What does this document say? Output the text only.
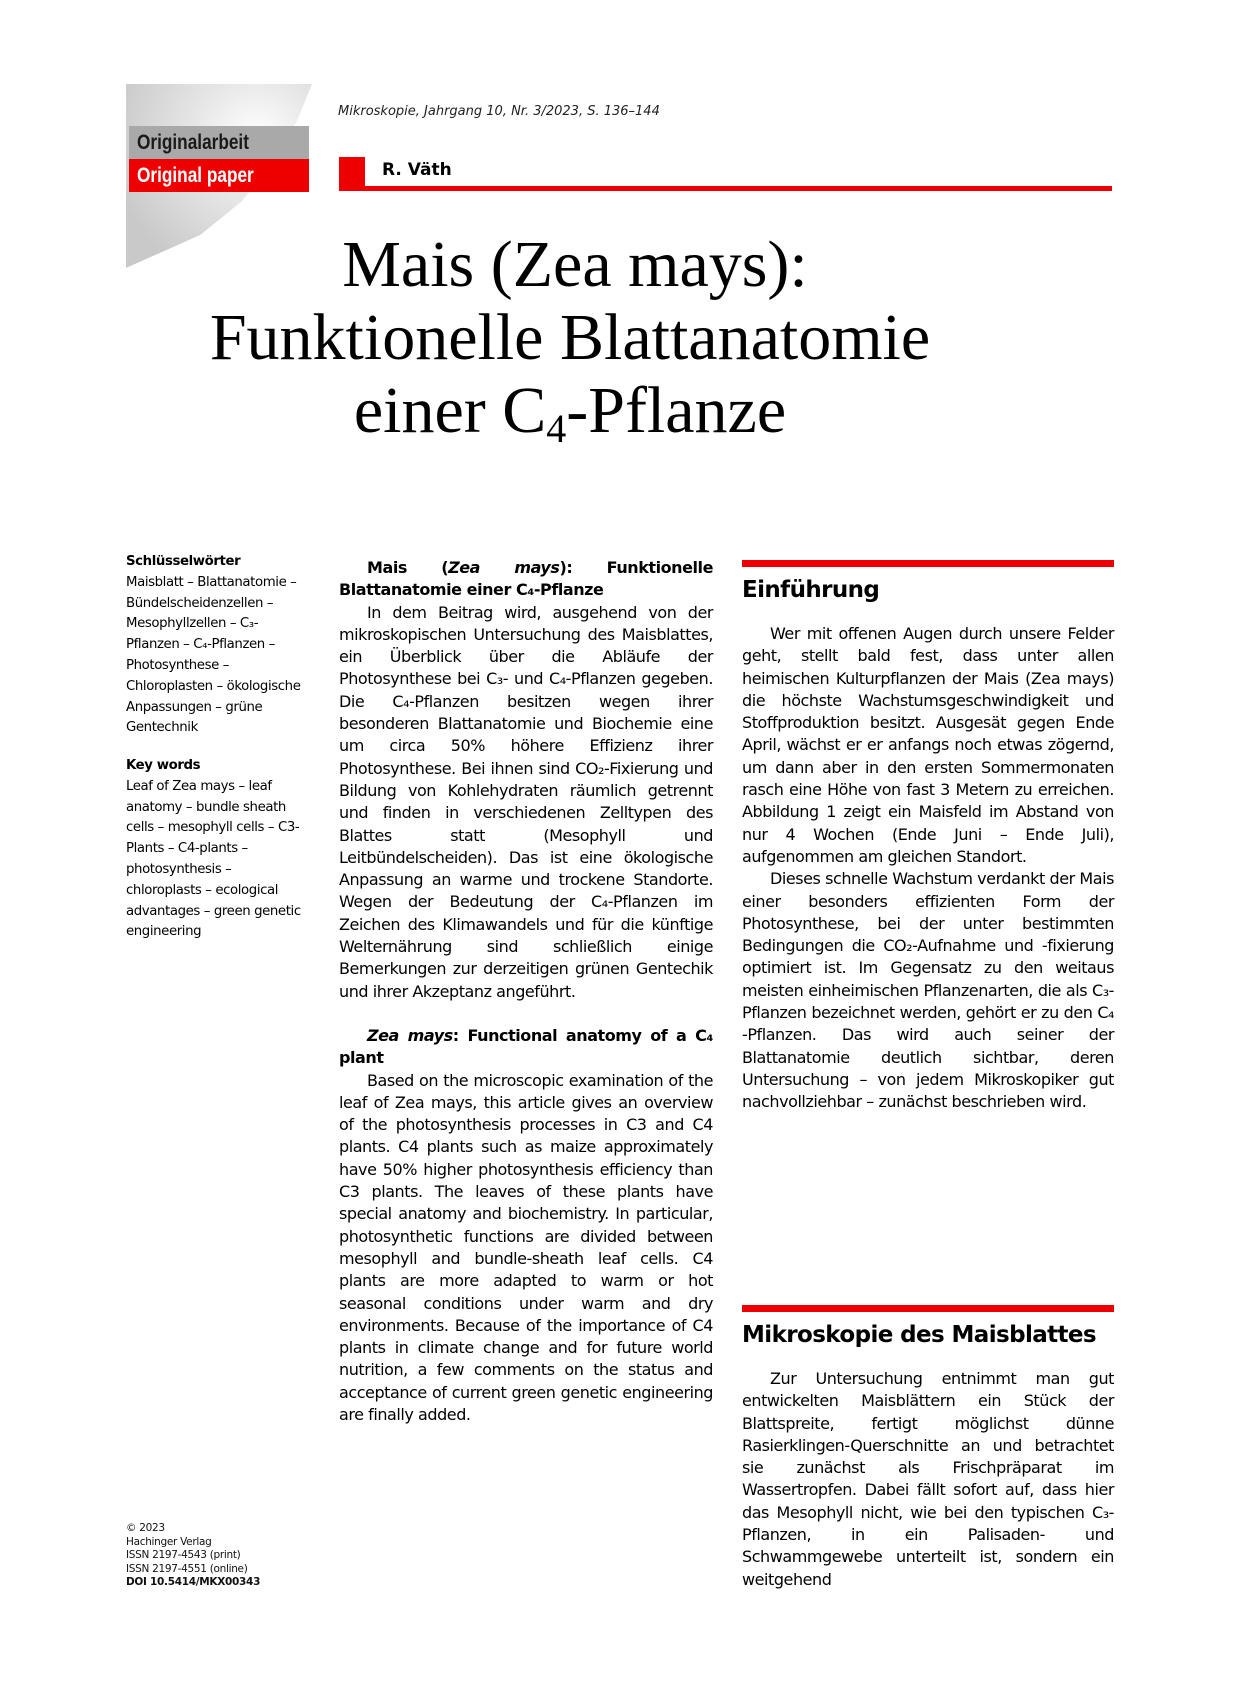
Originalarbeit
Original paper
Mikroskopie, Jahrgang 10, Nr. 3/2023, S. 136–144
R. Väth
Mais (Zea mays):
Funktionelle Blattanatomie
einer $C_4$-Pflanze
Schlüsselwörter

Maisblatt – Blattanatomie – Bündelscheidenzellen – Mesophyllzellen – C₃-Pflanzen – C₄-Pflanzen – Photosynthese – Chloroplasten – ökologische Anpassungen – grüne Gentechnik

Key words

Leaf of Zea mays – leaf anatomy – bundle sheath cells – mesophyll cells – C3-Plants – C4-plants – photosynthesis – chloroplasts – ecological advantages – green genetic engineering

© 2023
Hachinger Verlag
ISSN 2197-4543 (print)
ISSN 2197-4551 (online)
DOI 10.5414/MKX00343
Mais (Zea mays): Funktionelle Blattanatomie einer C₄-Pflanze

In dem Beitrag wird, ausgehend von der mikroskopischen Untersuchung des Maisblattes, ein Überblick über die Abläufe der Photosynthese bei C₃- und C₄-Pflanzen gegeben. Die C₄-Pflanzen besitzen wegen ihrer besonderen Blattanatomie und Biochemie eine um circa 50% höhere Effizienz ihrer Photosynthese. Bei ihnen sind CO₂-Fixierung und Bildung von Kohlehydraten räumlich getrennt und finden in verschiedenen Zelltypen des Blattes statt (Mesophyll und Leitbündelscheiden). Das ist eine ökologische Anpassung an warme und trockene Standorte. Wegen der Bedeutung der C₄-Pflanzen im Zeichen des Klimawandels und für die künftige Welternährung sind schließlich einige Bemerkungen zur derzeitigen grünen Gentechik und ihrer Akzeptanz angeführt.

Zea mays: Functional anatomy of a C₄ plant

Based on the microscopic examination of the leaf of Zea mays, this article gives an overview of the photosynthesis processes in C3 and C4 plants. C4 plants such as maize approximately have 50% higher photosynthesis efficiency than C3 plants. The leaves of these plants have special anatomy and biochemistry. In particular, photosynthetic functions are divided between mesophyll and bundle-sheath leaf cells. C4 plants are more adapted to warm or hot seasonal conditions under warm and dry environments. Because of the importance of C4 plants in climate change and for future world nutrition, a few comments on the status and acceptance of current green genetic engineering are finally added.

Einführung

Wer mit offenen Augen durch unsere Felder geht, stellt bald fest, dass unter allen heimischen Kulturpflanzen der Mais (Zea mays) die höchste Wachstumsgeschwindigkeit und Stoffproduktion besitzt. Ausgesät gegen Ende April, wächst er er anfangs noch etwas zögernd, um dann aber in den ersten Sommermonaten rasch eine Höhe von fast 3 Metern zu erreichen. Abbildung 1 zeigt ein Maisfeld im Abstand von nur 4 Wochen (Ende Juni – Ende Juli), aufgenommen am gleichen Standort.

Dieses schnelle Wachstum verdankt der Mais einer besonders effizienten Form der Photosynthese, bei der unter bestimmten Bedingungen die CO₂-Aufnahme und -fixierung optimiert ist. Im Gegensatz zu den weitaus meisten einheimischen Pflanzenarten, die als C₃-Pflanzen bezeichnet werden, gehört er zu den C₄ -Pflanzen. Das wird auch seiner der Blattanatomie deutlich sichtbar, deren Untersuchung – von jedem Mikroskopiker gut nachvollziehbar – zunächst beschrieben wird.

Mikroskopie des Maisblattes

Zur Untersuchung entnimmt man gut entwickelten Maisblättern ein Stück der Blattspreite, fertigt möglichst dünne Rasierklingen-Querschnitte an und betrachtet sie zunächst als Frischpräparat im Wassertropfen. Dabei fällt sofort auf, dass hier das Mesophyll nicht, wie bei den typischen C₃-Pflanzen, in ein Palisaden- und Schwammgewebe unterteilt ist, sondern ein weitgehend
